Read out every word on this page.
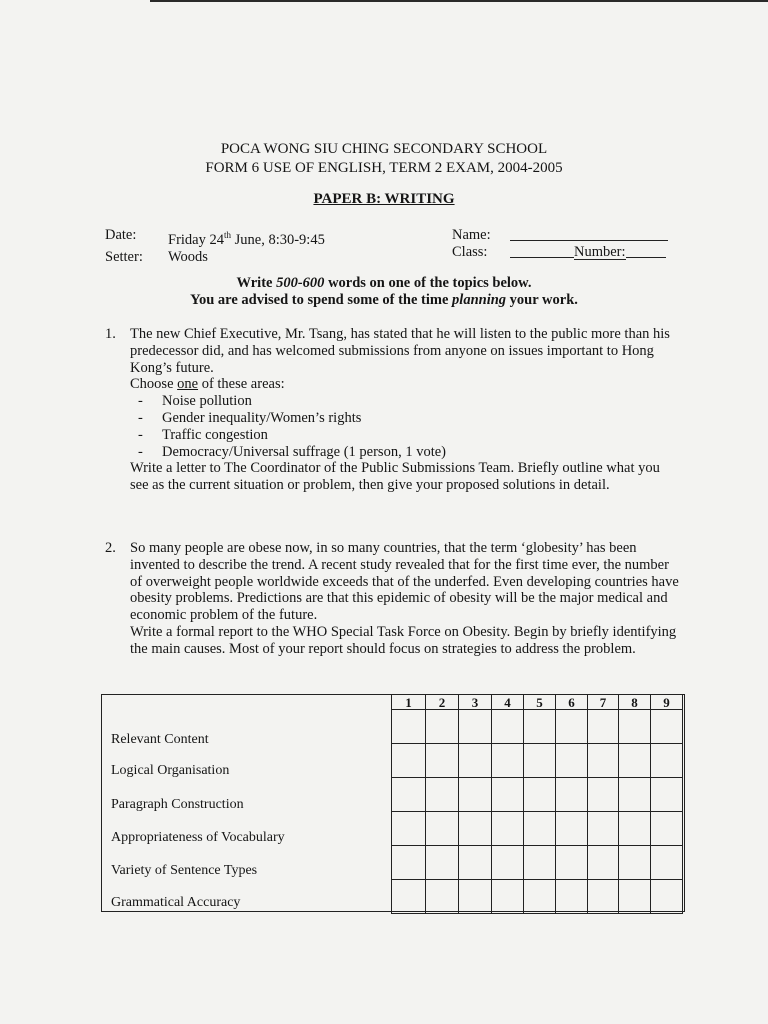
POCA WONG SIU CHING SECONDARY SCHOOL
FORM 6 USE OF ENGLISH, TERM 2 EXAM, 2004-2005
PAPER B: WRITING
Date:	Friday 24th June, 8:30-9:45
Setter:	Woods
Name:
Class:	Number:
Write 500-600 words on one of the topics below.
You are advised to spend some of the time planning your work.
1. The new Chief Executive, Mr. Tsang, has stated that he will listen to the public more than his predecessor did, and has welcomed submissions from anyone on issues important to Hong Kong’s future.
Choose one of these areas:
- Noise pollution
- Gender inequality/Women’s rights
- Traffic congestion
- Democracy/Universal suffrage (1 person, 1 vote)
Write a letter to The Coordinator of the Public Submissions Team. Briefly outline what you see as the current situation or problem, then give your proposed solutions in detail.
2. So many people are obese now, in so many countries, that the term ‘globesity’ has been invented to describe the trend. A recent study revealed that for the first time ever, the number of overweight people worldwide exceeds that of the underfed. Even developing countries have obesity problems. Predictions are that this epidemic of obesity will be the major medical and economic problem of the future.
Write a formal report to the WHO Special Task Force on Obesity. Begin by briefly identifying the main causes. Most of your report should focus on strategies to address the problem.
1	2	3	4	5	6	7	8	9

Relevant Content
Logical Organisation
Paragraph Construction
Appropriateness of Vocabulary
Variety of Sentence Types
Grammatical Accuracy
